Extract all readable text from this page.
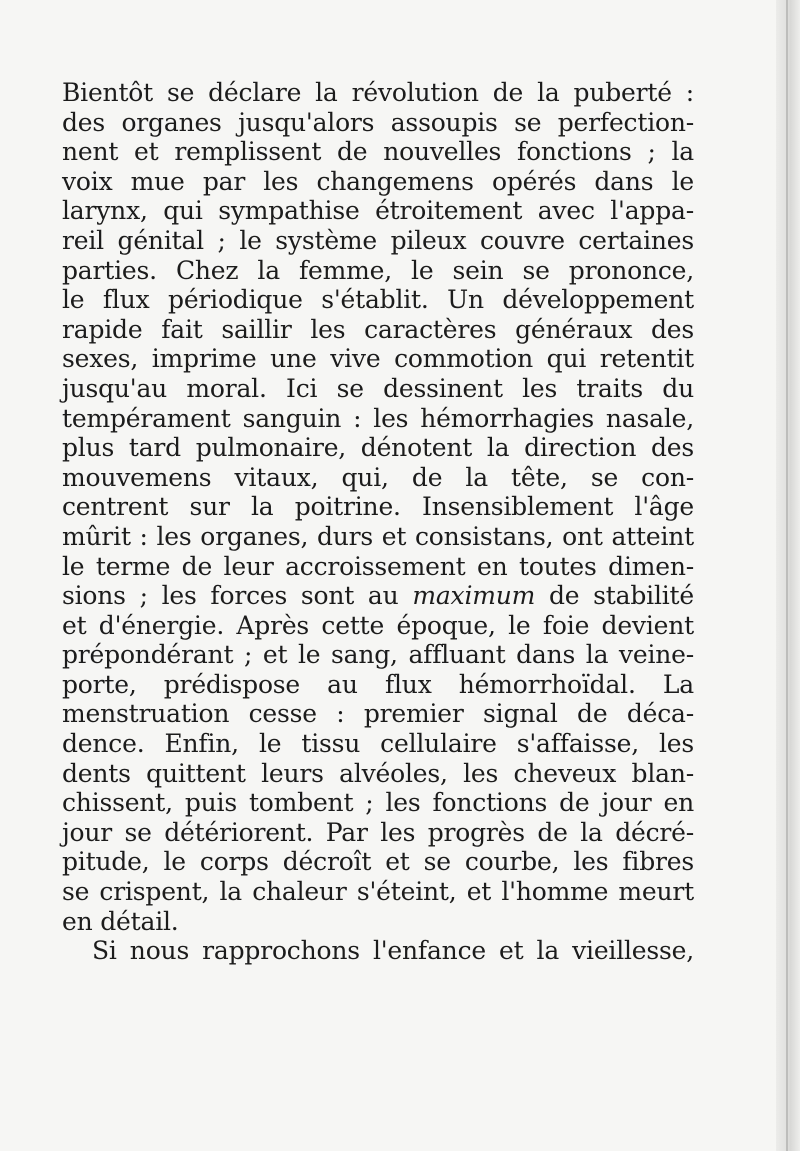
Bientôt se déclare la révolution de la puberté :
des organes jusqu'alors assoupis se perfection-
nent et remplissent de nouvelles fonctions ; la
voix mue par les changemens opérés dans le
larynx, qui sympathise étroitement avec l'appa-
reil génital ; le système pileux couvre certaines
parties. Chez la femme, le sein se prononce,
le flux périodique s'établit. Un développement
rapide fait saillir les caractères généraux des
sexes, imprime une vive commotion qui retentit
jusqu'au moral. Ici se dessinent les traits du
tempérament sanguin : les hémorrhagies nasale,
plus tard pulmonaire, dénotent la direction des
mouvemens vitaux, qui, de la tête, se con-
centrent sur la poitrine. Insensiblement l'âge
mûrit : les organes, durs et consistans, ont atteint
le terme de leur accroissement en toutes dimen-
sions ; les forces sont au maximum de stabilité
et d'énergie. Après cette époque, le foie devient
prépondérant ; et le sang, affluant dans la veine-
porte, prédispose au flux hémorrhoïdal. La
menstruation cesse : premier signal de déca-
dence. Enfin, le tissu cellulaire s'affaisse, les
dents quittent leurs alvéoles, les cheveux blan-
chissent, puis tombent ; les fonctions de jour en
jour se détériorent. Par les progrès de la décré-
pitude, le corps décroît et se courbe, les fibres
se crispent, la chaleur s'éteint, et l'homme meurt
en détail.
Si nous rapprochons l'enfance et la vieillesse,
